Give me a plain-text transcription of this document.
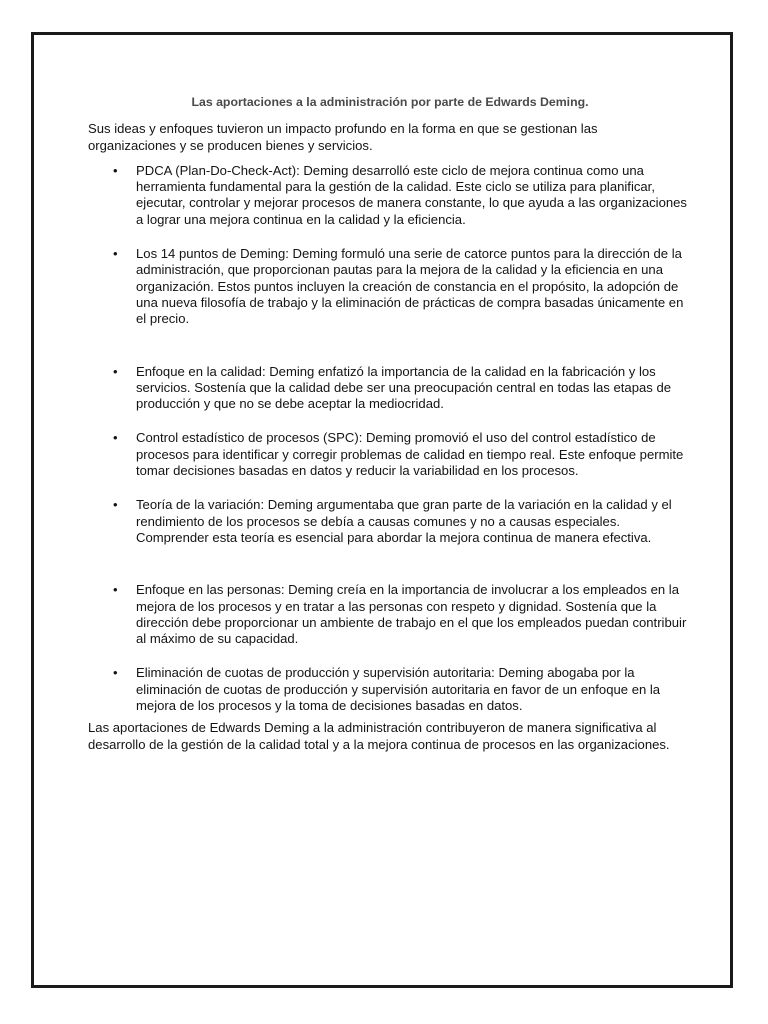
Las aportaciones a la administración por parte de Edwards Deming.

Sus ideas y enfoques tuvieron un impacto profundo en la forma en que se gestionan las organizaciones y se producen bienes y servicios.

• PDCA (Plan-Do-Check-Act): Deming desarrolló este ciclo de mejora continua como una herramienta fundamental para la gestión de la calidad. Este ciclo se utiliza para planificar, ejecutar, controlar y mejorar procesos de manera constante, lo que ayuda a las organizaciones a lograr una mejora continua en la calidad y la eficiencia.
• Los 14 puntos de Deming: Deming formuló una serie de catorce puntos para la dirección de la administración, que proporcionan pautas para la mejora de la calidad y la eficiencia en una organización. Estos puntos incluyen la creación de constancia en el propósito, la adopción de una nueva filosofía de trabajo y la eliminación de prácticas de compra basadas únicamente en el precio.
• Enfoque en la calidad: Deming enfatizó la importancia de la calidad en la fabricación y los servicios. Sostenía que la calidad debe ser una preocupación central en todas las etapas de producción y que no se debe aceptar la mediocridad.
• Control estadístico de procesos (SPC): Deming promovió el uso del control estadístico de procesos para identificar y corregir problemas de calidad en tiempo real. Este enfoque permite tomar decisiones basadas en datos y reducir la variabilidad en los procesos.
• Teoría de la variación: Deming argumentaba que gran parte de la variación en la calidad y el rendimiento de los procesos se debía a causas comunes y no a causas especiales. Comprender esta teoría es esencial para abordar la mejora continua de manera efectiva.
• Enfoque en las personas: Deming creía en la importancia de involucrar a los empleados en la mejora de los procesos y en tratar a las personas con respeto y dignidad. Sostenía que la dirección debe proporcionar un ambiente de trabajo en el que los empleados puedan contribuir al máximo de su capacidad.
• Eliminación de cuotas de producción y supervisión autoritaria: Deming abogaba por la eliminación de cuotas de producción y supervisión autoritaria en favor de un enfoque en la mejora de los procesos y la toma de decisiones basadas en datos.

Las aportaciones de Edwards Deming a la administración contribuyeron de manera significativa al desarrollo de la gestión de la calidad total y a la mejora continua de procesos en las organizaciones.
